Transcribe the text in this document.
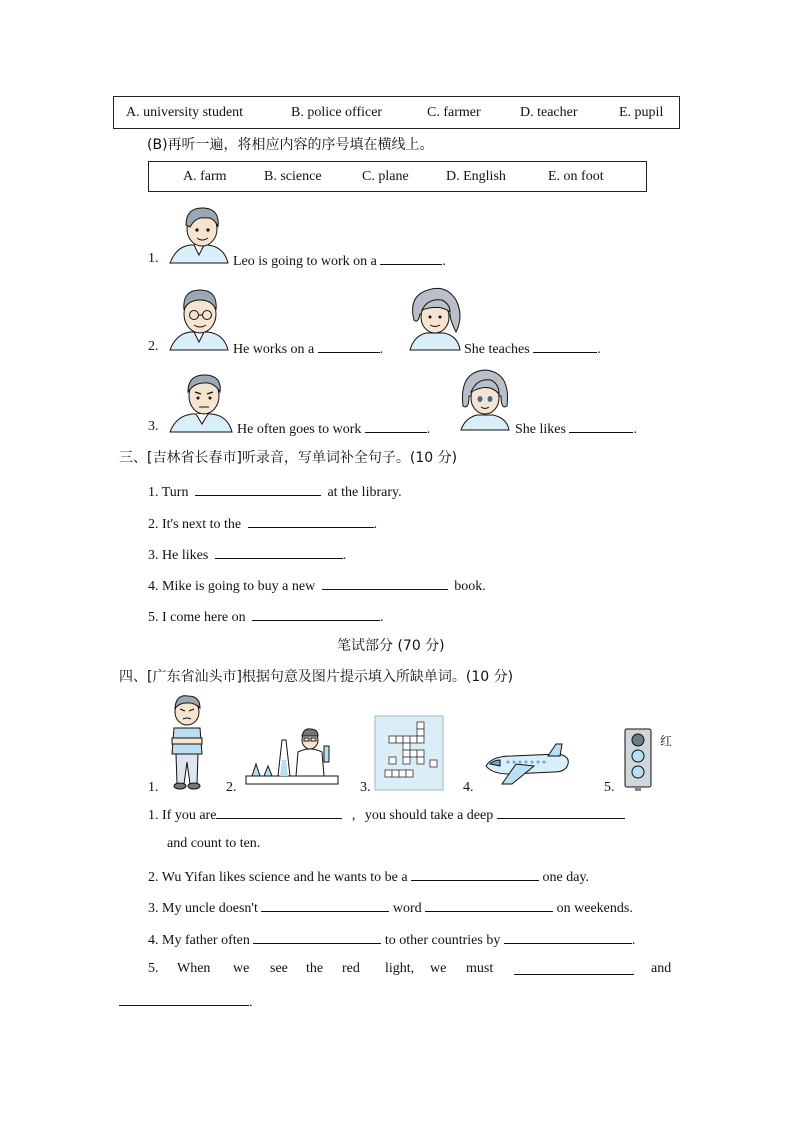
A. university student	B. police officer	C. farmer	D. teacher	E. pupil
(B)再听一遍，将相应内容的序号填在横线上。
A. farm	B. science	C. plane	D. English	E. on foot
1.	Leo is going to work on a	.
2.	He works on a	.	She teaches	.
3.	He often goes to work	.	She likes	.
三、[吉林省长春市]听录音，写单词补全句子。(10 分)
1. Turn	at the library.
2. It's next to the	.
3. He likes	.
4. Mike is going to buy a new	book.
5. I come here on	.
笔试部分 (70 分)
四、[广东省汕头市]根据句意及图片提示填入所缺单词。(10 分)
1.	2.	3.	4.	5.
红
1. If you are	, you should take a deep
and count to ten.
2. Wu Yifan likes science and he wants to be a	one day.
3. My uncle doesn't	word	on weekends.
4. My father often	to other countries by	.
5. When we see the red light, we must	and
.
